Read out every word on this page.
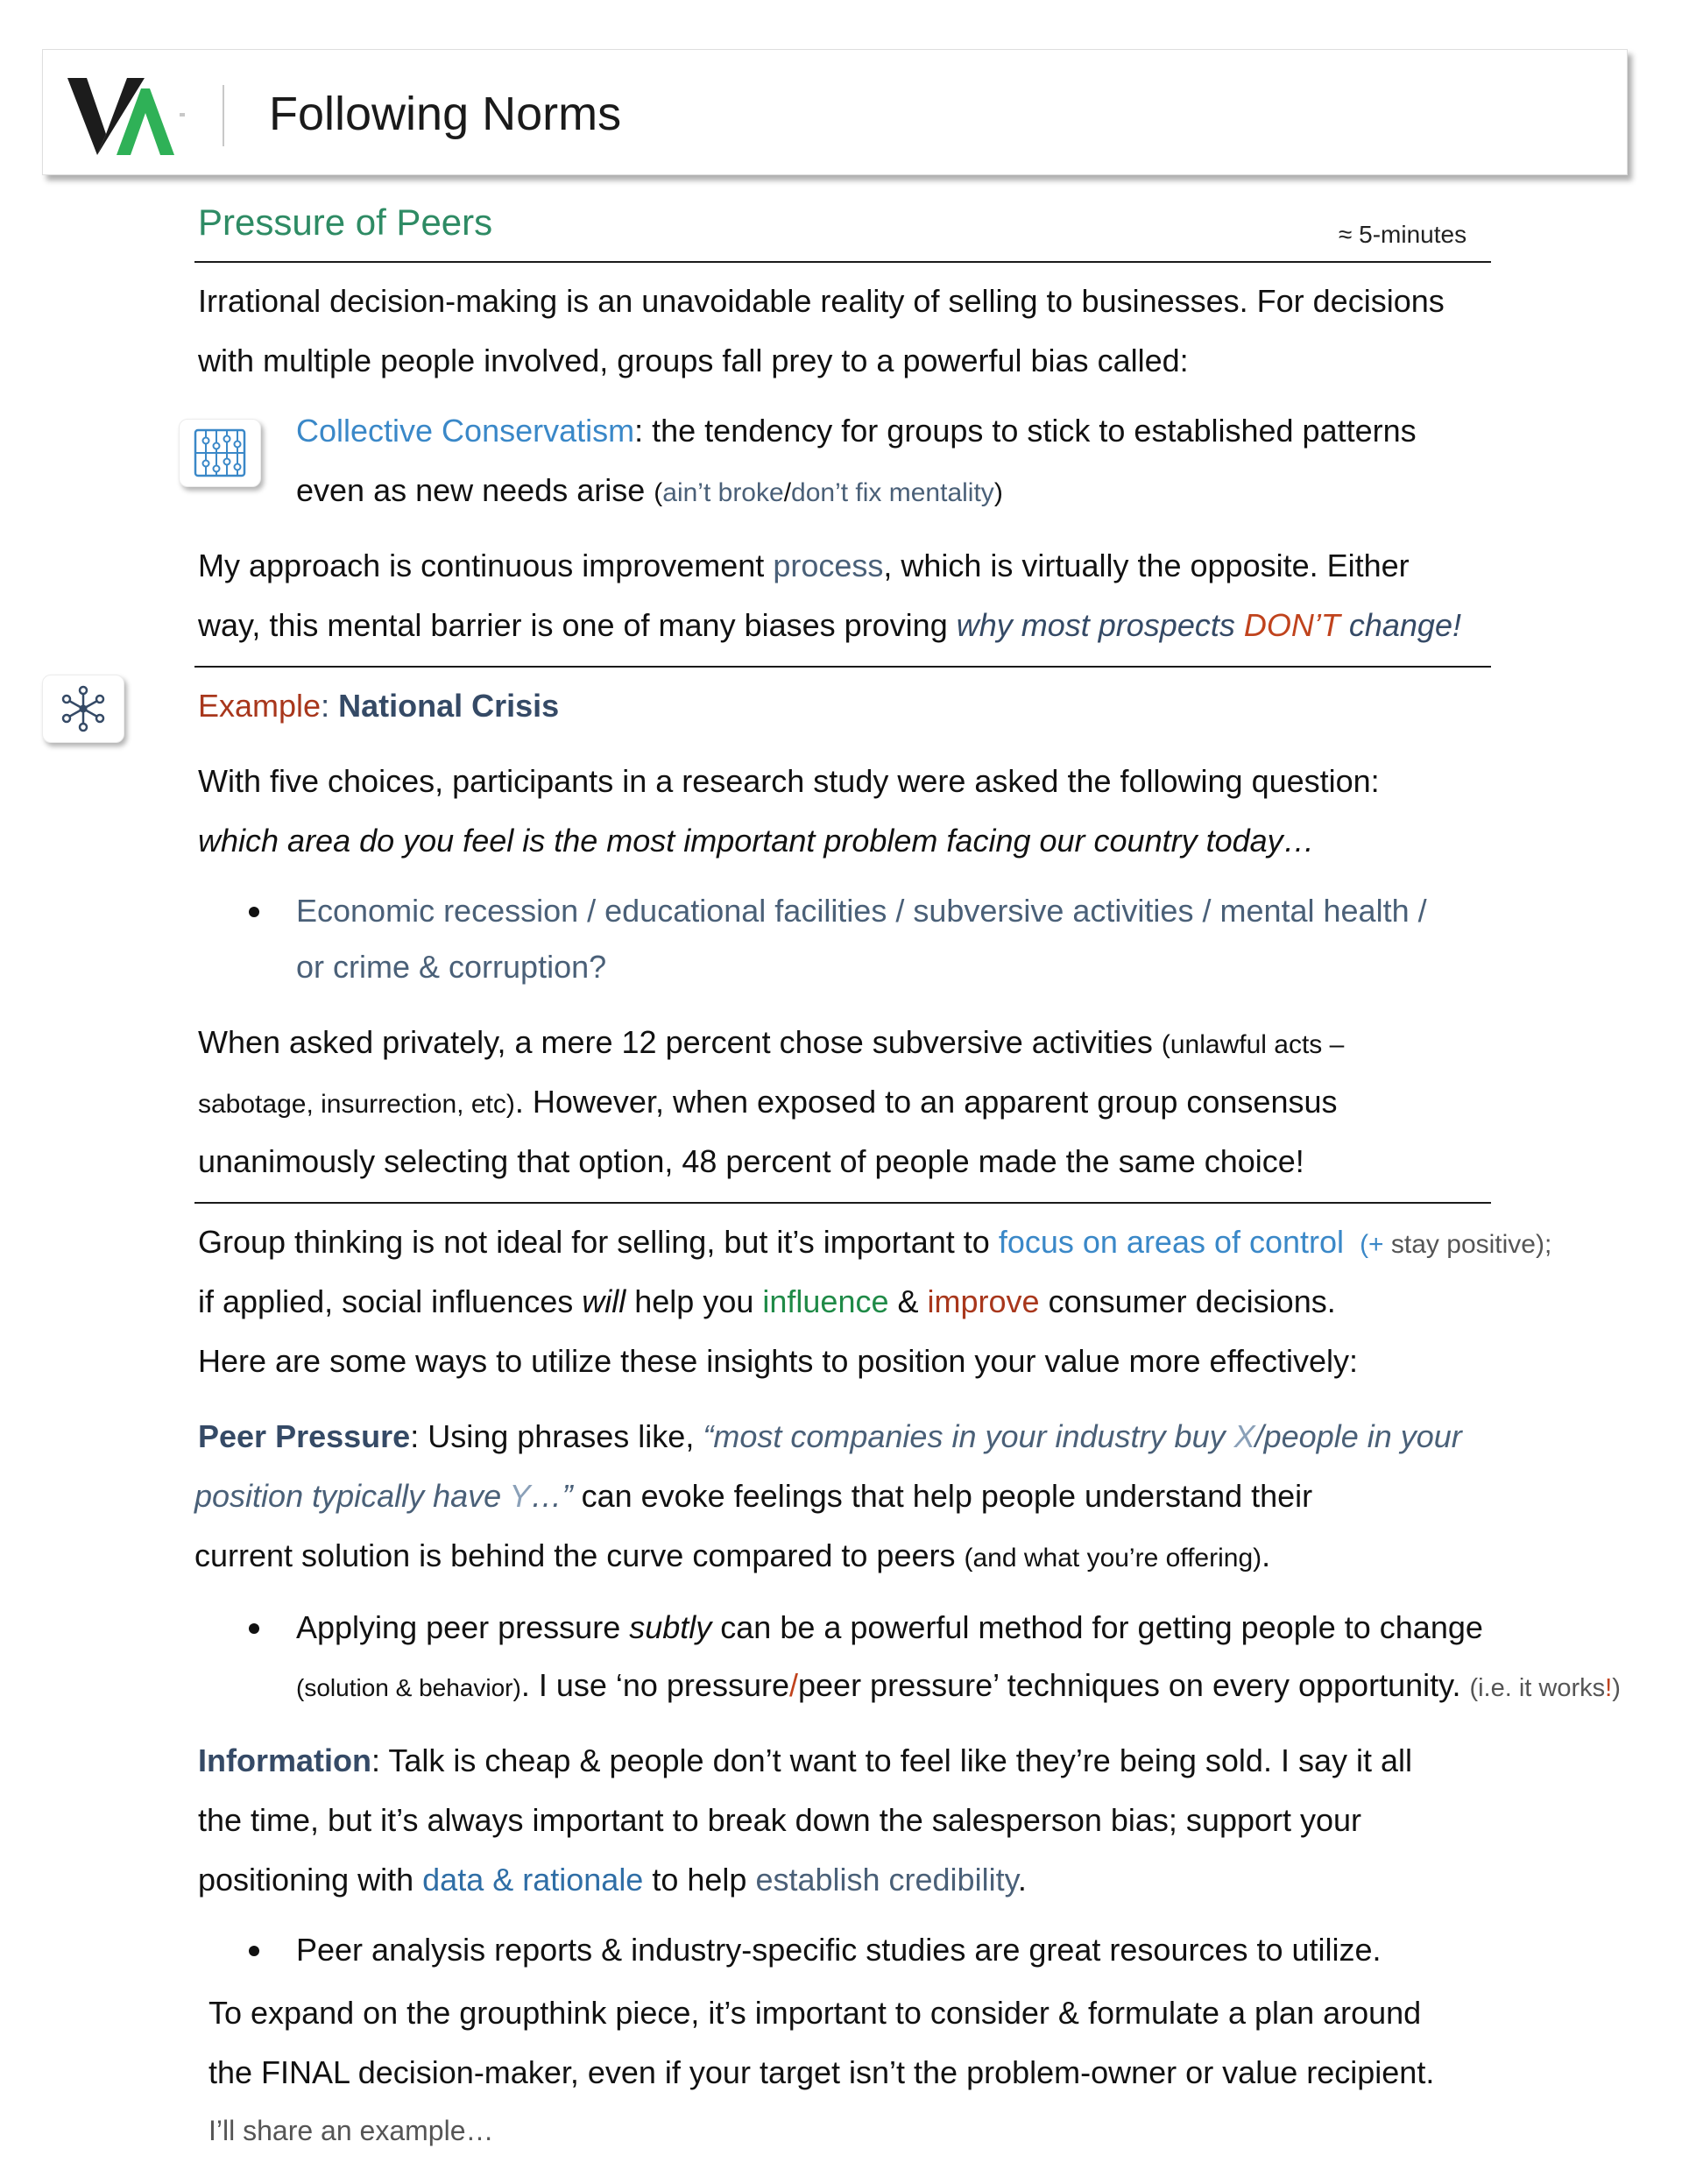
Following Norms
Pressure of Peers	≈ 5-minutes
Irrational decision-making is an unavoidable reality of selling to businesses. For decisions
with multiple people involved, groups fall prey to a powerful bias called:
Collective Conservatism: the tendency for groups to stick to established patterns
even as new needs arise (ain’t broke/don’t fix mentality)
My approach is continuous improvement process, which is virtually the opposite. Either
way, this mental barrier is one of many biases proving why most prospects DON’T change!
Example: National Crisis
With five choices, participants in a research study were asked the following question:
which area do you feel is the most important problem facing our country today…
Economic recession / educational facilities / subversive activities / mental health /
or crime & corruption?
When asked privately, a mere 12 percent chose subversive activities (unlawful acts –
sabotage, insurrection, etc). However, when exposed to an apparent group consensus
unanimously selecting that option, 48 percent of people made the same choice!
Group thinking is not ideal for selling, but it’s important to focus on areas of control (+ stay positive);
if applied, social influences will help you influence & improve consumer decisions.
Here are some ways to utilize these insights to position your value more effectively:
Peer Pressure: Using phrases like, “most companies in your industry buy X/people in your
position typically have Y…” can evoke feelings that help people understand their
current solution is behind the curve compared to peers (and what you’re offering).
Applying peer pressure subtly can be a powerful method for getting people to change
(solution & behavior). I use ‘no pressure/peer pressure’ techniques on every opportunity. (i.e. it works!)
Information: Talk is cheap & people don’t want to feel like they’re being sold. I say it all
the time, but it’s always important to break down the salesperson bias; support your
positioning with data & rationale to help establish credibility.
Peer analysis reports & industry-specific studies are great resources to utilize.
To expand on the groupthink piece, it’s important to consider & formulate a plan around
the FINAL decision-maker, even if your target isn’t the problem-owner or value recipient.
I’ll share an example…
